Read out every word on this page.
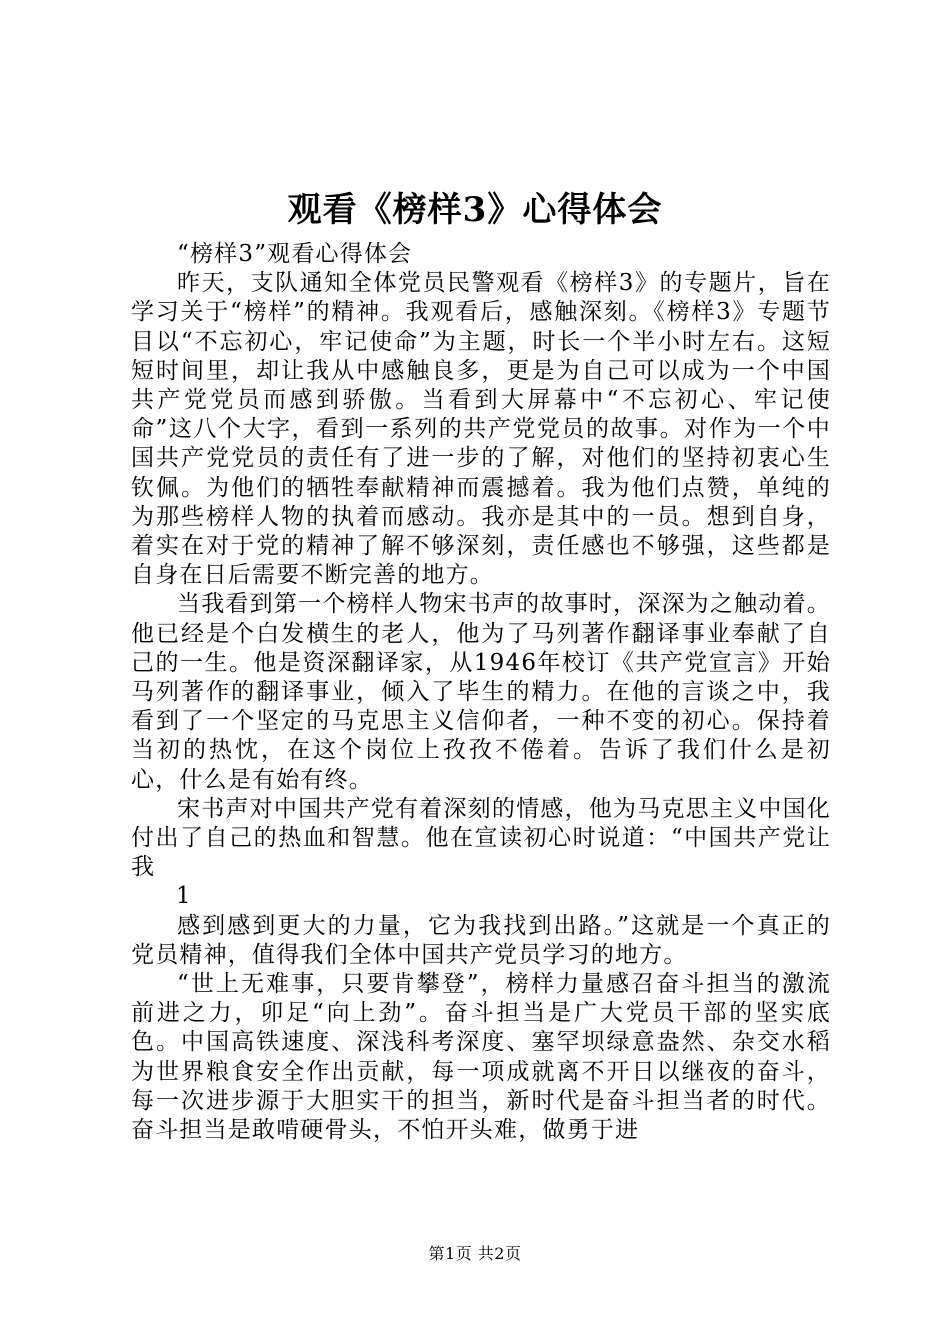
观看《榜样3》心得体会

“榜样3”观看心得体会

昨天，支队通知全体党员民警观看《榜样3》的专题片，旨在学习关于“榜样”的精神。我观看后，感触深刻。《榜样3》专题节目以“不忘初心，牢记使命”为主题，时长一个半小时左右。这短短时间里，却让我从中感触良多，更是为自己可以成为一个中国共产党党员而感到骄傲。当看到大屏幕中“不忘初心、牢记使命”这八个大字，看到一系列的共产党党员的故事。对作为一个中国共产党党员的责任有了进一步的了解，对他们的坚持初衷心生钦佩。为他们的牺牲奉献精神而震撼着。我为他们点赞，单纯的为那些榜样人物的执着而感动。我亦是其中的一员。想到自身，着实在对于党的精神了解不够深刻，责任感也不够强，这些都是自身在日后需要不断完善的地方。

当我看到第一个榜样人物宋书声的故事时，深深为之触动着。他已经是个白发横生的老人，他为了马列著作翻译事业奉献了自己的一生。他是资深翻译家，从1946年校订《共产党宣言》开始马列著作的翻译事业，倾入了毕生的精力。在他的言谈之中，我看到了一个坚定的马克思主义信仰者，一种不变的初心。保持着当初的热忱，在这个岗位上孜孜不倦着。告诉了我们什么是初心，什么是有始有终。

宋书声对中国共产党有着深刻的情感，他为马克思主义中国化付出了自己的热血和智慧。他在宣读初心时说道：“中国共产党让我

1

感到感到更大的力量，它为我找到出路。”这就是一个真正的党员精神，值得我们全体中国共产党员学习的地方。

“世上无难事，只要肯攀登”，榜样力量感召奋斗担当的激流前进之力，卯足“向上劲”。奋斗担当是广大党员干部的坚实底色。中国高铁速度、深浅科考深度、塞罕坝绿意盎然、杂交水稻为世界粮食安全作出贡献，每一项成就离不开日以继夜的奋斗，每一次进步源于大胆实干的担当，新时代是奋斗担当者的时代。奋斗担当是敢啃硬骨头，不怕开头难，做勇于进

第1页 共2页
